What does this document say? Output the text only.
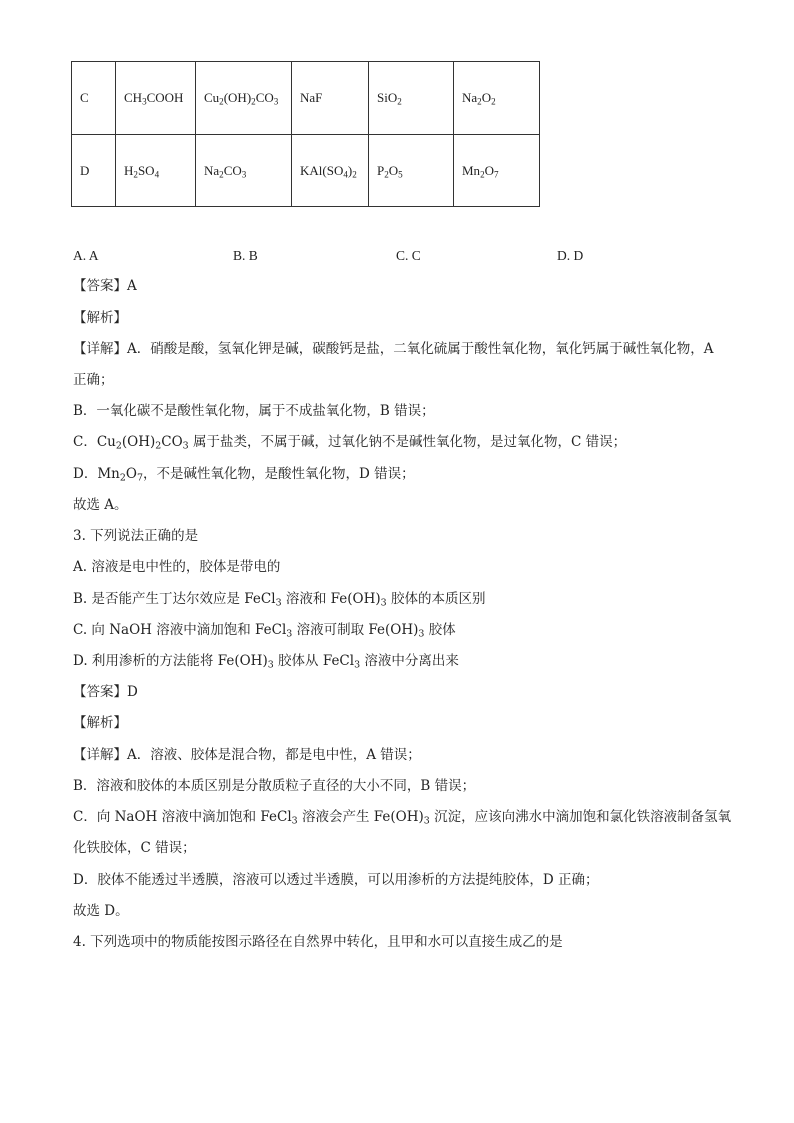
C	$CH_3COOH$	$Cu_2(OH)_2CO_3$	NaF	SiO$_2$	$Na_2O_2$
D	$H_2SO_4$	$Na_2CO_3$	$KAl(SO_4)_2$	$P_2O_5$	$Mn_2O_7$
A. A	B. B	C. C	D. D
【答案】A
【解析】
【详解】A．硝酸是酸，氢氧化钾是碱，碳酸钙是盐，二氧化硫属于酸性氧化物，氧化钙属于碱性氧化物，A
正确；
B．一氧化碳不是酸性氧化物，属于不成盐氧化物，B 错误；
C．$Cu_2(OH)_2CO_3$ 属于盐类，不属于碱，过氧化钠不是碱性氧化物，是过氧化物，C 错误；
D．$Mn_2O_7$，不是碱性氧化物，是酸性氧化物，D 错误；
故选 A。
3. 下列说法正确的是
A. 溶液是电中性的，胶体是带电的
B. 是否能产生丁达尔效应是 FeCl$_3$ 溶液和 $Fe(OH)_3$ 胶体的本质区别
C. 向 NaOH 溶液中滴加饱和 FeCl$_3$ 溶液可制取 $Fe(OH)_3$ 胶体
D. 利用渗析的方法能将 $Fe(OH)_3$ 胶体从 FeCl$_3$ 溶液中分离出来
【答案】D
【解析】
【详解】A．溶液、胶体是混合物，都是电中性，A 错误；
B．溶液和胶体的本质区别是分散质粒子直径的大小不同，B 错误；
C．向 NaOH 溶液中滴加饱和 FeCl$_3$ 溶液会产生 $Fe(OH)_3$ 沉淀，应该向沸水中滴加饱和氯化铁溶液制备氢氧
化铁胶体，C 错误；
D．胶体不能透过半透膜，溶液可以透过半透膜，可以用渗析的方法提纯胶体，D 正确；
故选 D。
4. 下列选项中的物质能按图示路径在自然界中转化，且甲和水可以直接生成乙的是
